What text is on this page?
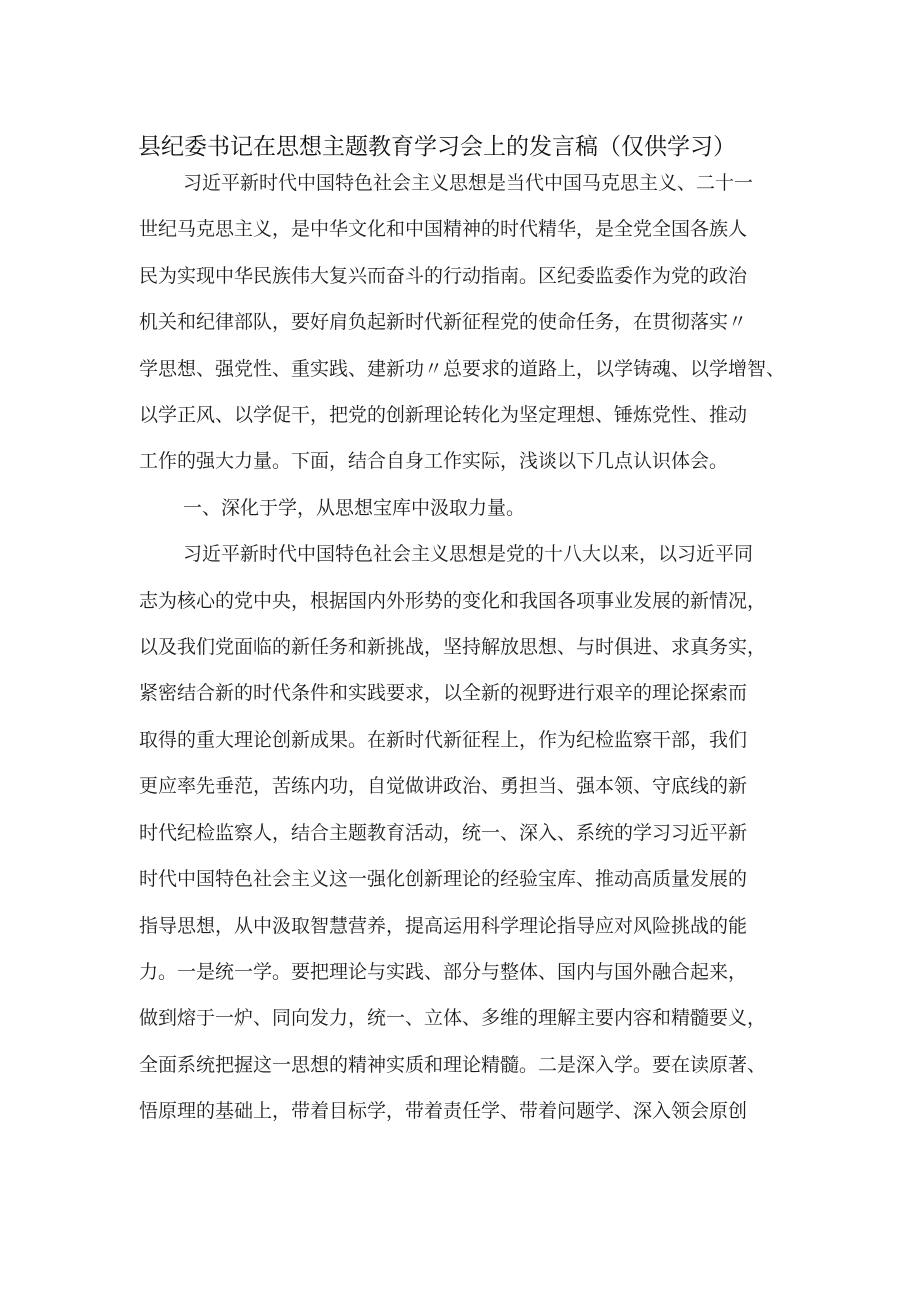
县纪委书记在思想主题教育学习会上的发言稿（仅供学习）

习近平新时代中国特色社会主义思想是当代中国马克思主义、二十一
世纪马克思主义，是中华文化和中国精神的时代精华，是全党全国各族人
民为实现中华民族伟大复兴而奋斗的行动指南。区纪委监委作为党的政治
机关和纪律部队，要好肩负起新时代新征程党的使命任务，在贯彻落实〃
学思想、强党性、重实践、建新功〃总要求的道路上，以学铸魂、以学增智、
以学正风、以学促干，把党的创新理论转化为坚定理想、锤炼党性、推动
工作的强大力量。下面，结合自身工作实际，浅谈以下几点认识体会。

一、深化于学，从思想宝库中汲取力量。

习近平新时代中国特色社会主义思想是党的十八大以来，以习近平同
志为核心的党中央，根据国内外形势的变化和我国各项事业发展的新情况，
以及我们党面临的新任务和新挑战，坚持解放思想、与时俱进、求真务实，
紧密结合新的时代条件和实践要求，以全新的视野进行艰辛的理论探索而
取得的重大理论创新成果。在新时代新征程上，作为纪检监察干部，我们
更应率先垂范，苦练内功，自觉做讲政治、勇担当、强本领、守底线的新
时代纪检监察人，结合主题教育活动，统一、深入、系统的学习习近平新
时代中国特色社会主义这一强化创新理论的经验宝库、推动高质量发展的
指导思想，从中汲取智慧营养，提高运用科学理论指导应对风险挑战的能
力。一是统一学。要把理论与实践、部分与整体、国内与国外融合起来，
做到熔于一炉、同向发力，统一、立体、多维的理解主要内容和精髓要义，
全面系统把握这一思想的精神实质和理论精髓。二是深入学。要在读原著、
悟原理的基础上，带着目标学，带着责任学、带着问题学、深入领会原创
